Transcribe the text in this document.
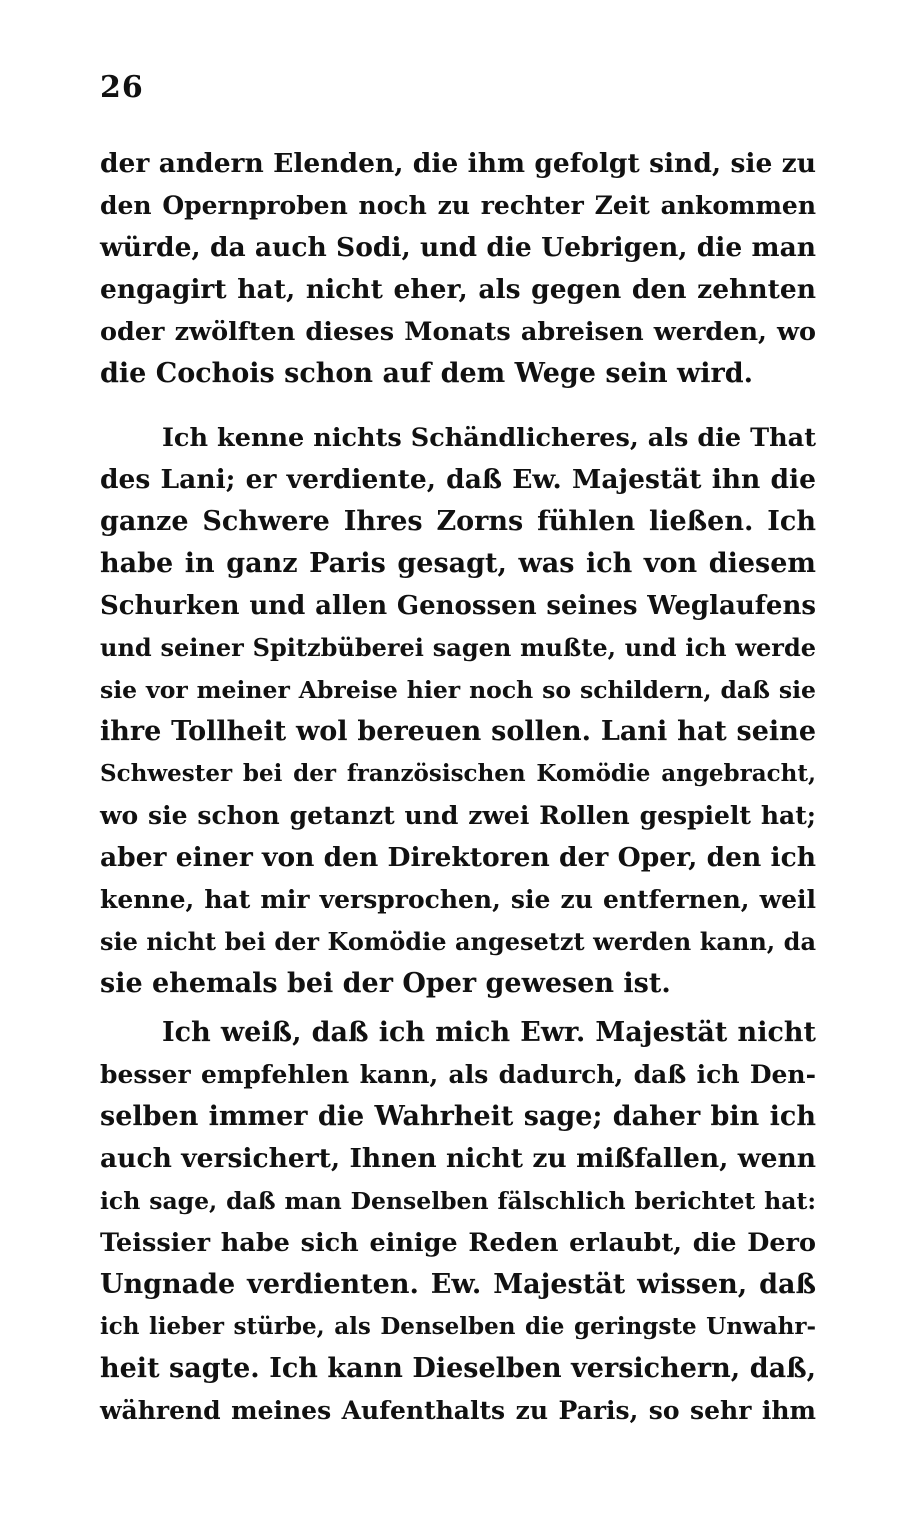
26
der andern Elenden, die ihm gefolgt sind, sie zu
den Opernproben noch zu rechter Zeit ankommen
würde, da auch Sodi, und die Uebrigen, die man
engagirt hat, nicht eher, als gegen den zehnten
oder zwölften dieses Monats abreisen werden, wo
die Cochois schon auf dem Wege sein wird.
Ich kenne nichts Schändlicheres, als die That
des Lani; er verdiente, daß Ew. Majestät ihn die
ganze Schwere Ihres Zorns fühlen ließen. Ich
habe in ganz Paris gesagt, was ich von diesem
Schurken und allen Genossen seines Weglaufens
und seiner Spitzbüberei sagen mußte, und ich werde
sie vor meiner Abreise hier noch so schildern, daß sie
ihre Tollheit wol bereuen sollen. Lani hat seine
Schwester bei der französischen Komödie angebracht,
wo sie schon getanzt und zwei Rollen gespielt hat;
aber einer von den Direktoren der Oper, den ich
kenne, hat mir versprochen, sie zu entfernen, weil
sie nicht bei der Komödie angesetzt werden kann, da
sie ehemals bei der Oper gewesen ist.
Ich weiß, daß ich mich Ewr. Majestät nicht
besser empfehlen kann, als dadurch, daß ich Den-
selben immer die Wahrheit sage; daher bin ich
auch versichert, Ihnen nicht zu mißfallen, wenn
ich sage, daß man Denselben fälschlich berichtet hat:
Teissier habe sich einige Reden erlaubt, die Dero
Ungnade verdienten. Ew. Majestät wissen, daß
ich lieber stürbe, als Denselben die geringste Unwahr-
heit sagte. Ich kann Dieselben versichern, daß,
während meines Aufenthalts zu Paris, so sehr ihm
